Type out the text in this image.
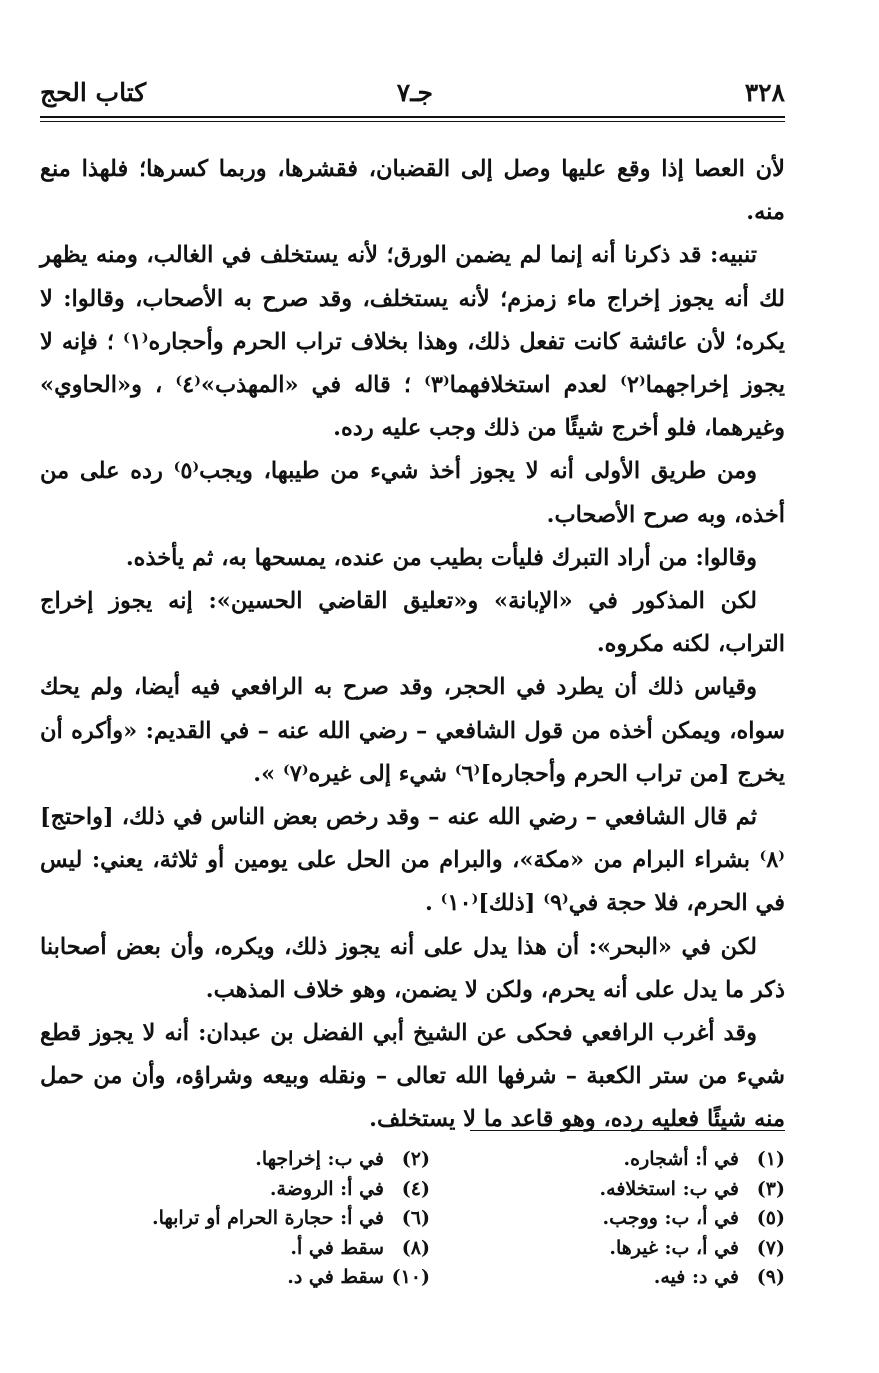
٣٢٨
جـ٧
كتاب الحج

لأن العصا إذا وقع عليها وصل إلى القضبان، فقشرها، وربما كسرها؛ فلهذا منع منه.

تنبيه: قد ذكرنا أنه إنما لم يضمن الورق؛ لأنه يستخلف في الغالب، ومنه يظهر لك أنه يجوز إخراج ماء زمزم؛ لأنه يستخلف، وقد صرح به الأصحاب، وقالوا: لا يكره؛ لأن عائشة كانت تفعل ذلك، وهذا بخلاف تراب الحرم وأحجاره⁽١⁾ ؛ فإنه لا يجوز إخراجهما⁽٢⁾ لعدم استخلافهما⁽٣⁾ ؛ قاله في «المهذب»⁽٤⁾ ، و«الحاوي» وغيرهما، فلو أخرج شيئًا من ذلك وجب عليه رده.

ومن طريق الأولى أنه لا يجوز أخذ شيء من طيبها، ويجب⁽٥⁾ رده على من أخذه، وبه صرح الأصحاب.

وقالوا: من أراد التبرك فليأت بطيب من عنده، يمسحها به، ثم يأخذه.

لكن المذكور في «الإبانة» و«تعليق القاضي الحسين»: إنه يجوز إخراج التراب، لكنه مكروه.

وقياس ذلك أن يطرد في الحجر، وقد صرح به الرافعي فيه أيضا، ولم يحك سواه، ويمكن أخذه من قول الشافعي – رضي الله عنه – في القديم: «وأكره أن يخرج [من تراب الحرم وأحجاره]⁽٦⁾ شيء إلى غيره⁽٧⁾ ».

ثم قال الشافعي – رضي الله عنه – وقد رخص بعض الناس في ذلك، [واحتج]⁽٨⁾ بشراء البرام من «مكة»، والبرام من الحل على يومين أو ثلاثة، يعني: ليس في الحرم، فلا حجة في⁽٩⁾ [ذلك]⁽١٠⁾ .

لكن في «البحر»: أن هذا يدل على أنه يجوز ذلك، ويكره، وأن بعض أصحابنا ذكر ما يدل على أنه يحرم، ولكن لا يضمن، وهو خلاف المذهب.

وقد أغرب الرافعي فحكى عن الشيخ أبي الفضل بن عبدان: أنه لا يجوز قطع شيء من ستر الكعبة – شرفها الله تعالى – ونقله وبيعه وشراؤه، وأن من حمل منه شيئًا فعليه رده، وهو قاعد ما لا يستخلف.

(١)في أ: أشجاره.
(٣)في ب: استخلافه.
(٥)في أ، ب: ووجب.
(٧)في أ، ب: غيرها.
(٩)في د: فيه.
(٢)في ب: إخراجها.
(٤)في أ: الروضة.
(٦)في أ: حجارة الحرام أو ترابها.
(٨)سقط في أ.
(١٠)سقط في د.
